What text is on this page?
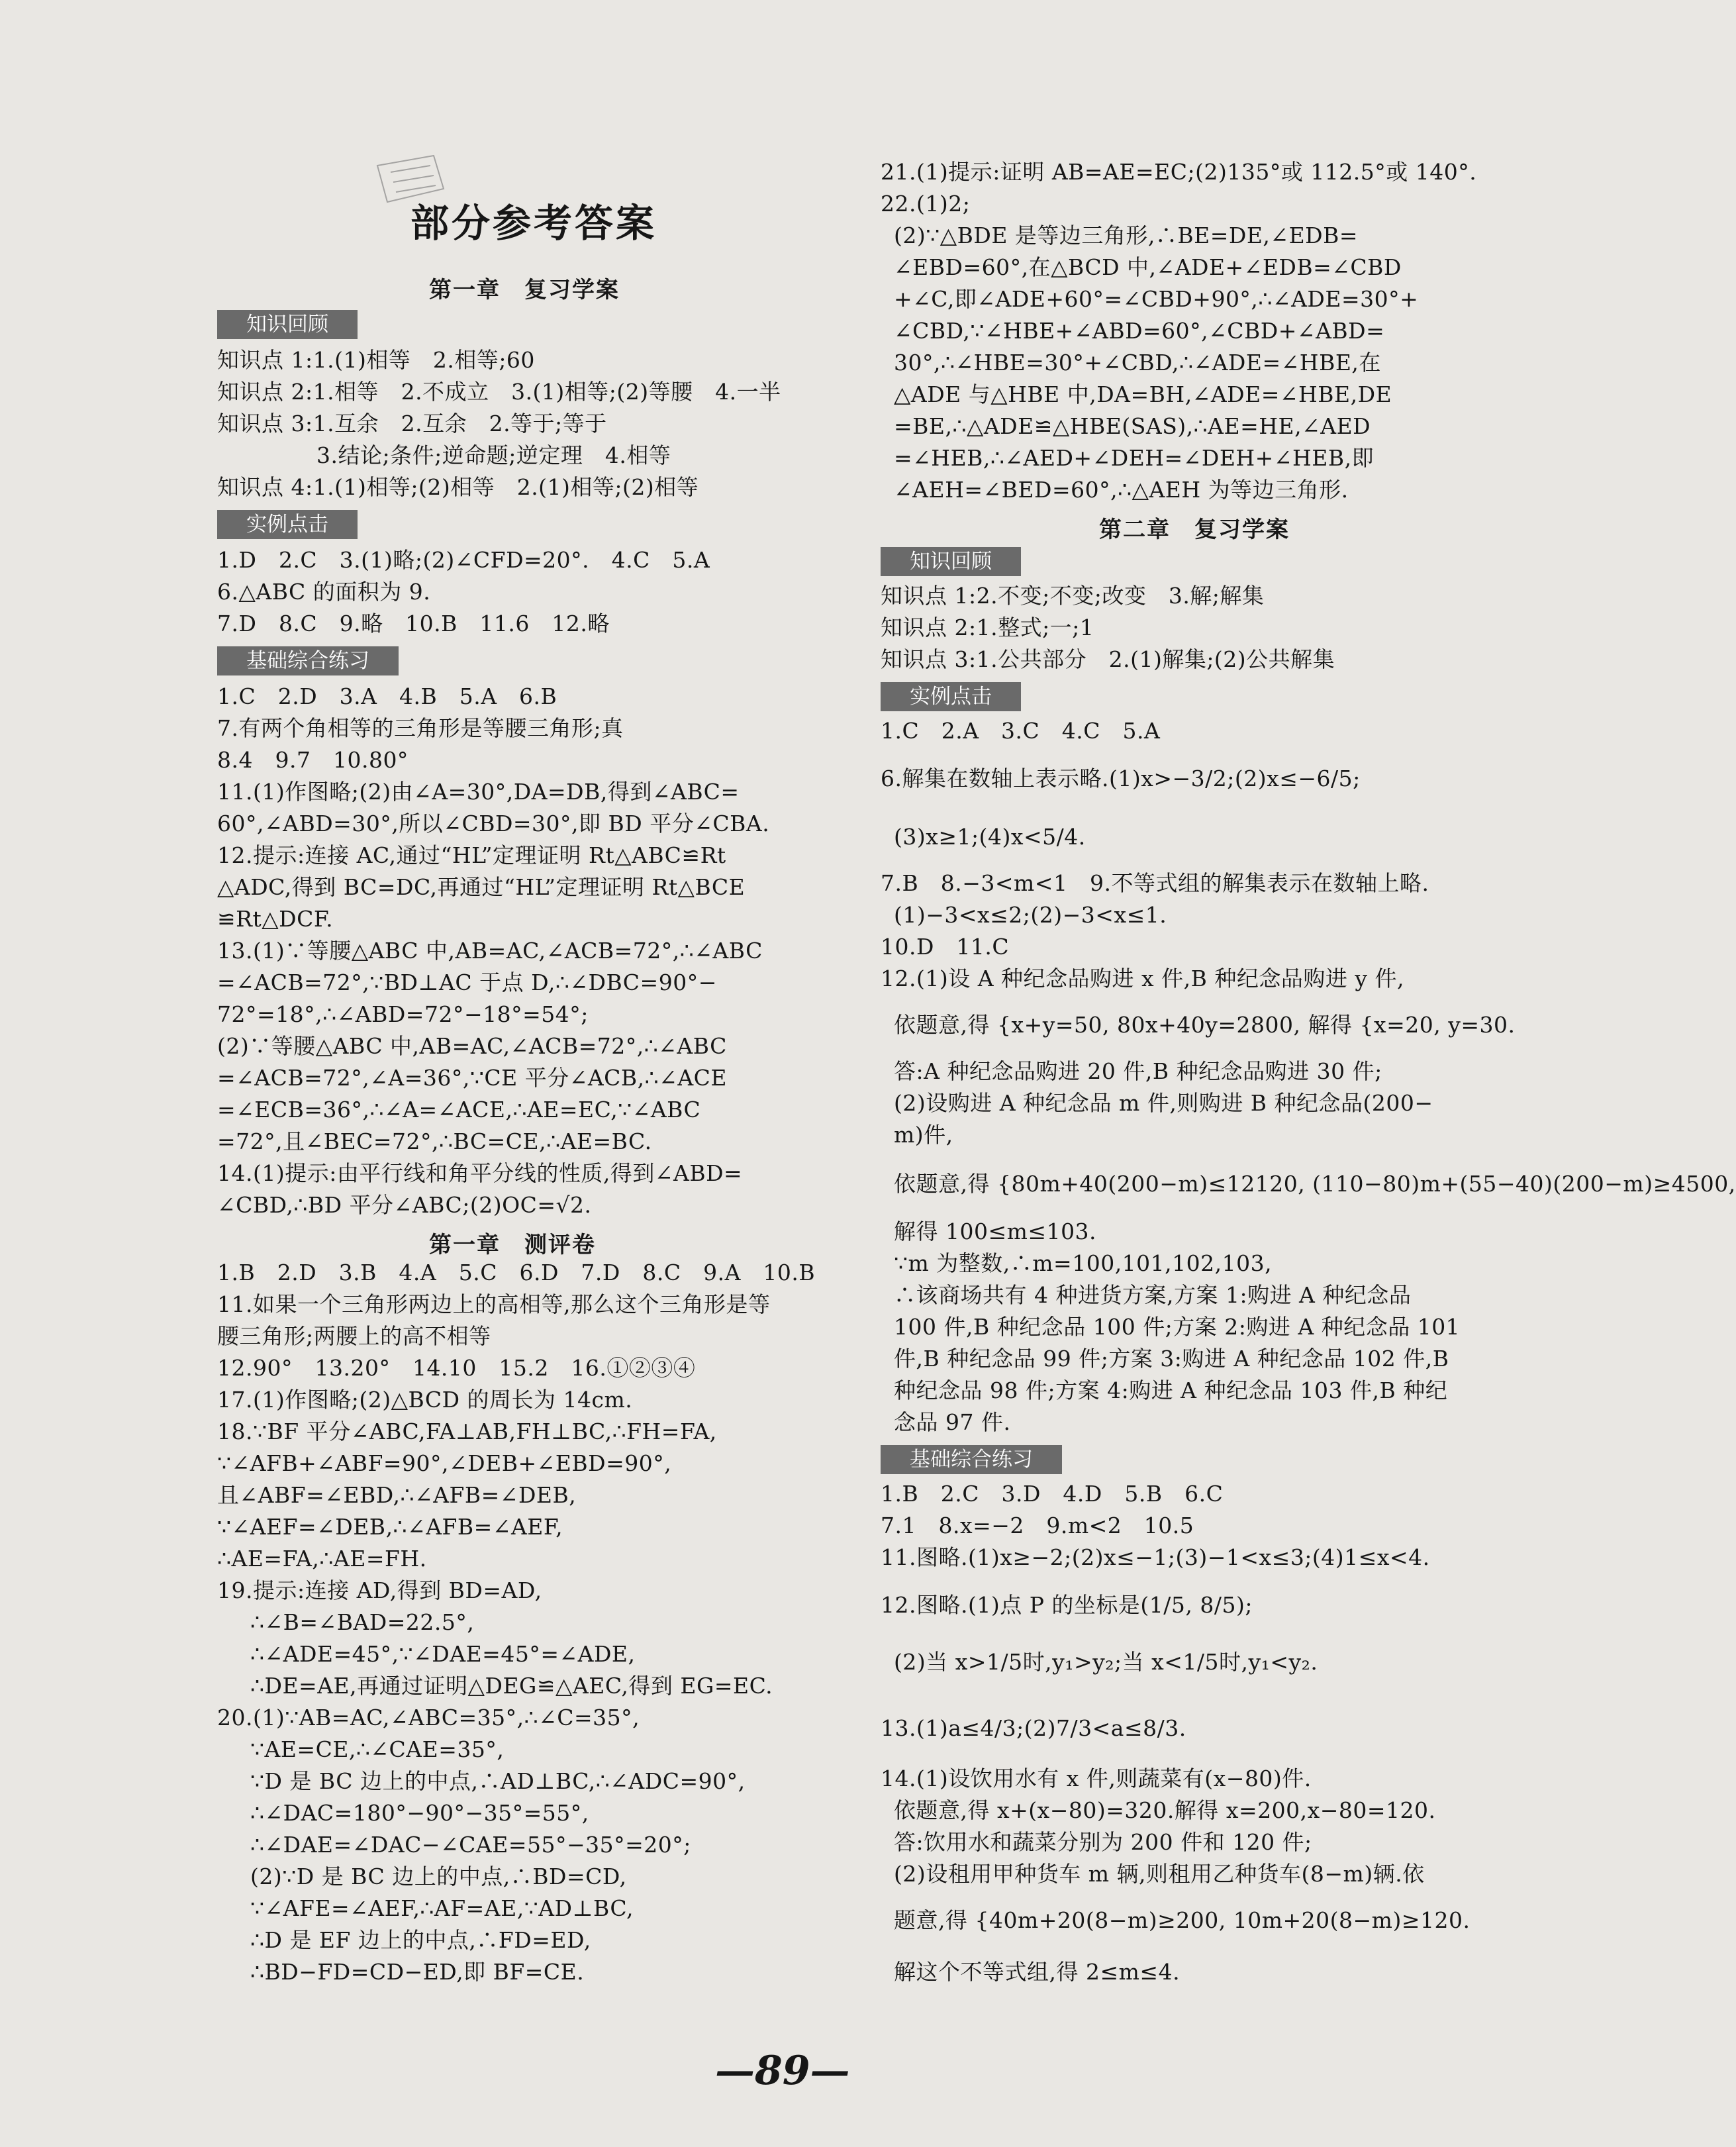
部分参考答案
第一章　复习学案
知识回顾
知识点 1:1.(1)相等　2.相等;60
知识点 2:1.相等　2.不成立　3.(1)相等;(2)等腰　4.一半
知识点 3:1.互余　2.互余　2.等于;等于
3.结论;条件;逆命题;逆定理　4.相等
知识点 4:1.(1)相等;(2)相等　2.(1)相等;(2)相等
实例点击
1.D　2.C　3.(1)略;(2)∠CFD=20°.　4.C　5.A
6.△ABC 的面积为 9.
7.D　8.C　9.略　10.B　11.6　12.略
基础综合练习
1.C　2.D　3.A　4.B　5.A　6.B
7.有两个角相等的三角形是等腰三角形;真
8.4　9.7　10.80°
11.(1)作图略;(2)由∠A=30°,DA=DB,得到∠ABC=
60°,∠ABD=30°,所以∠CBD=30°,即 BD 平分∠CBA.
12.提示:连接 AC,通过“HL”定理证明 Rt△ABC≌Rt
△ADC,得到 BC=DC,再通过“HL”定理证明 Rt△BCE
≌Rt△DCF.
13.(1)∵等腰△ABC 中,AB=AC,∠ACB=72°,∴∠ABC
=∠ACB=72°,∵BD⊥AC 于点 D,∴∠DBC=90°−
72°=18°,∴∠ABD=72°−18°=54°;
(2)∵等腰△ABC 中,AB=AC,∠ACB=72°,∴∠ABC
=∠ACB=72°,∠A=36°,∵CE 平分∠ACB,∴∠ACE
=∠ECB=36°,∴∠A=∠ACE,∴AE=EC,∵∠ABC
=72°,且∠BEC=72°,∴BC=CE,∴AE=BC.
14.(1)提示:由平行线和角平分线的性质,得到∠ABD=
∠CBD,∴BD 平分∠ABC;(2)OC=√2.
第一章　测评卷
1.B　2.D　3.B　4.A　5.C　6.D　7.D　8.C　9.A　10.B
11.如果一个三角形两边上的高相等,那么这个三角形是等
腰三角形;两腰上的高不相等
12.90°　13.20°　14.10　15.2　16.①②③④
17.(1)作图略;(2)△BCD 的周长为 14cm.
18.∵BF 平分∠ABC,FA⊥AB,FH⊥BC,∴FH=FA,
∵∠AFB+∠ABF=90°,∠DEB+∠EBD=90°,
且∠ABF=∠EBD,∴∠AFB=∠DEB,
∵∠AEF=∠DEB,∴∠AFB=∠AEF,
∴AE=FA,∴AE=FH.
19.提示:连接 AD,得到 BD=AD,
∴∠B=∠BAD=22.5°,
∴∠ADE=45°,∵∠DAE=45°=∠ADE,
∴DE=AE,再通过证明△DEG≌△AEC,得到 EG=EC.
20.(1)∵AB=AC,∠ABC=35°,∴∠C=35°,
∵AE=CE,∴∠CAE=35°,
∵D 是 BC 边上的中点,∴AD⊥BC,∴∠ADC=90°,
∴∠DAC=180°−90°−35°=55°,
∴∠DAE=∠DAC−∠CAE=55°−35°=20°;
(2)∵D 是 BC 边上的中点,∴BD=CD,
∵∠AFE=∠AEF,∴AF=AE,∵AD⊥BC,
∴D 是 EF 边上的中点,∴FD=ED,
∴BD−FD=CD−ED,即 BF=CE.
21.(1)提示:证明 AB=AE=EC;(2)135°或 112.5°或 140°.
22.(1)2;
(2)∵△BDE 是等边三角形,∴BE=DE,∠EDB=
∠EBD=60°,在△BCD 中,∠ADE+∠EDB=∠CBD
+∠C,即∠ADE+60°=∠CBD+90°,∴∠ADE=30°+
∠CBD,∵∠HBE+∠ABD=60°,∠CBD+∠ABD=
30°,∴∠HBE=30°+∠CBD,∴∠ADE=∠HBE,在
△ADE 与△HBE 中,DA=BH,∠ADE=∠HBE,DE
=BE,∴△ADE≌△HBE(SAS),∴AE=HE,∠AED
=∠HEB,∴∠AED+∠DEH=∠DEH+∠HEB,即
∠AEH=∠BED=60°,∴△AEH 为等边三角形.
第二章　复习学案
知识回顾
知识点 1:2.不变;不变;改变　3.解;解集
知识点 2:1.整式;一;1
知识点 3:1.公共部分　2.(1)解集;(2)公共解集
实例点击
1.C　2.A　3.C　4.C　5.A
6.解集在数轴上表示略.(1)x>−3/2;(2)x≤−6/5;
(3)x≥1;(4)x<5/4.
7.B　8.−3<m<1　9.不等式组的解集表示在数轴上略.
(1)−3<x≤2;(2)−3<x≤1.
10.D　11.C
12.(1)设 A 种纪念品购进 x 件,B 种纪念品购进 y 件,
依题意,得 {x+y=50, 80x+40y=2800, 解得 {x=20, y=30.
答:A 种纪念品购进 20 件,B 种纪念品购进 30 件;
(2)设购进 A 种纪念品 m 件,则购进 B 种纪念品(200−
m)件,
依题意,得 {80m+40(200−m)≤12120, (110−80)m+(55−40)(200−m)≥4500,
解得 100≤m≤103.
∵m 为整数,∴m=100,101,102,103,
∴该商场共有 4 种进货方案,方案 1:购进 A 种纪念品
100 件,B 种纪念品 100 件;方案 2:购进 A 种纪念品 101
件,B 种纪念品 99 件;方案 3:购进 A 种纪念品 102 件,B
种纪念品 98 件;方案 4:购进 A 种纪念品 103 件,B 种纪
念品 97 件.
基础综合练习
1.B　2.C　3.D　4.D　5.B　6.C
7.1　8.x=−2　9.m<2　10.5
11.图略.(1)x≥−2;(2)x≤−1;(3)−1<x≤3;(4)1≤x<4.
12.图略.(1)点 P 的坐标是(1/5, 8/5);
(2)当 x>1/5时,y₁>y₂;当 x<1/5时,y₁<y₂.
13.(1)a≤4/3;(2)7/3<a≤8/3.
14.(1)设饮用水有 x 件,则蔬菜有(x−80)件.
依题意,得 x+(x−80)=320.解得 x=200,x−80=120.
答:饮用水和蔬菜分别为 200 件和 120 件;
(2)设租用甲种货车 m 辆,则租用乙种货车(8−m)辆.依
题意,得 {40m+20(8−m)≥200, 10m+20(8−m)≥120.
解这个不等式组,得 2≤m≤4.
—89—
